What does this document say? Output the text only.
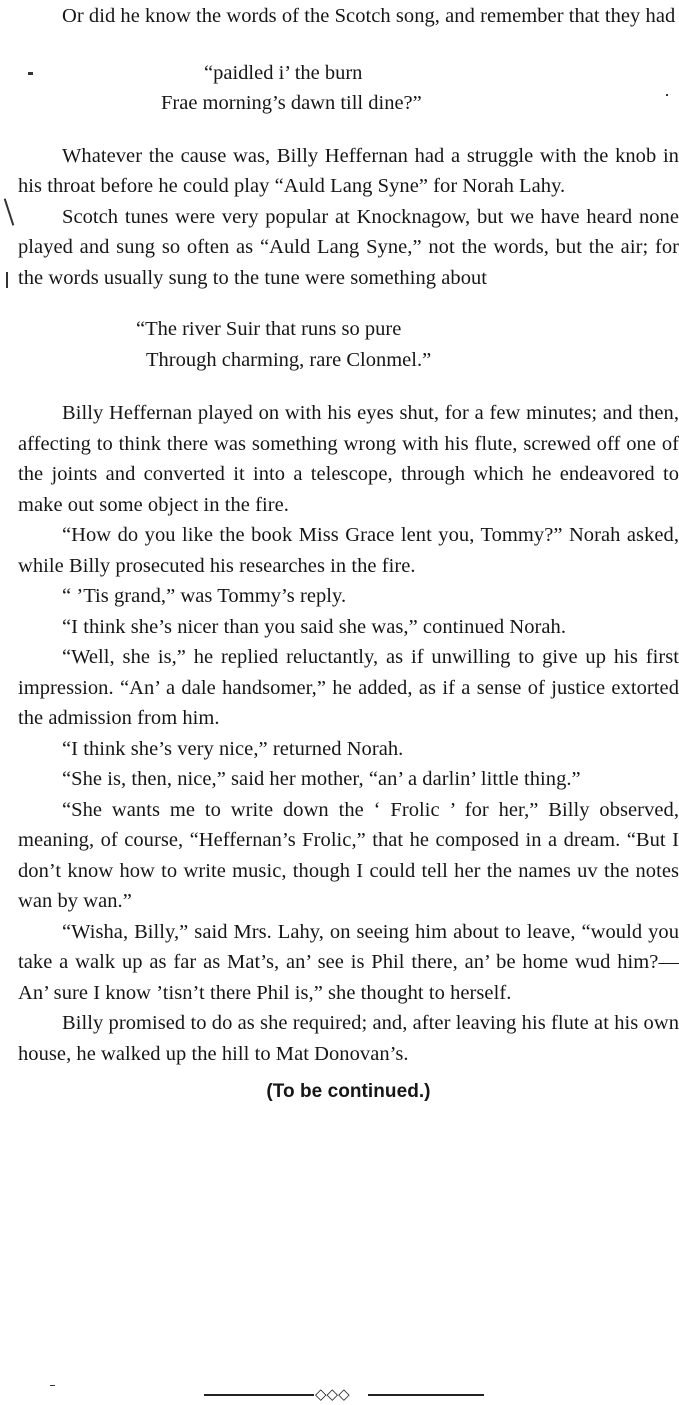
Or did he know the words of the Scotch song, and remember that they had

“paidled i’ the burn
Frae morning’s dawn till dine?”

Whatever the cause was, Billy Heffernan had a struggle with the knob in his throat before he could play “Auld Lang Syne” for Norah Lahy.

Scotch tunes were very popular at Knocknagow, but we have heard none played and sung so often as “Auld Lang Syne,” not the words, but the air; for the words usually sung to the tune were something about

“The river Suir that runs so pure
Through charming, rare Clonmel.”

Billy Heffernan played on with his eyes shut, for a few minutes; and then, affecting to think there was something wrong with his flute, screwed off one of the joints and converted it into a telescope, through which he endeavored to make out some object in the fire.

“How do you like the book Miss Grace lent you, Tommy?” Norah asked, while Billy prosecuted his researches in the fire.

“ ’Tis grand,” was Tommy’s reply.

“I think she’s nicer than you said she was,” continued Norah.

“Well, she is,” he replied reluctantly, as if unwilling to give up his first impression. “An’ a dale handsomer,” he added, as if a sense of justice extorted the admission from him.

“I think she’s very nice,” returned Norah.

“She is, then, nice,” said her mother, “an’ a darlin’ little thing.”

“She wants me to write down the ‘ Frolic ’ for her,” Billy observed, meaning, of course, “Heffernan’s Frolic,” that he composed in a dream. “But I don’t know how to write music, though I could tell her the names uv the notes wan by wan.”

“Wisha, Billy,” said Mrs. Lahy, on seeing him about to leave, “would you take a walk up as far as Mat’s, an’ see is Phil there, an’ be home wud him?—An’ sure I know ’tisn’t there Phil is,” she thought to herself.

Billy promised to do as she required; and, after leaving his flute at his own house, he walked up the hill to Mat Donovan’s.

(To be continued.)

◇◇◇
